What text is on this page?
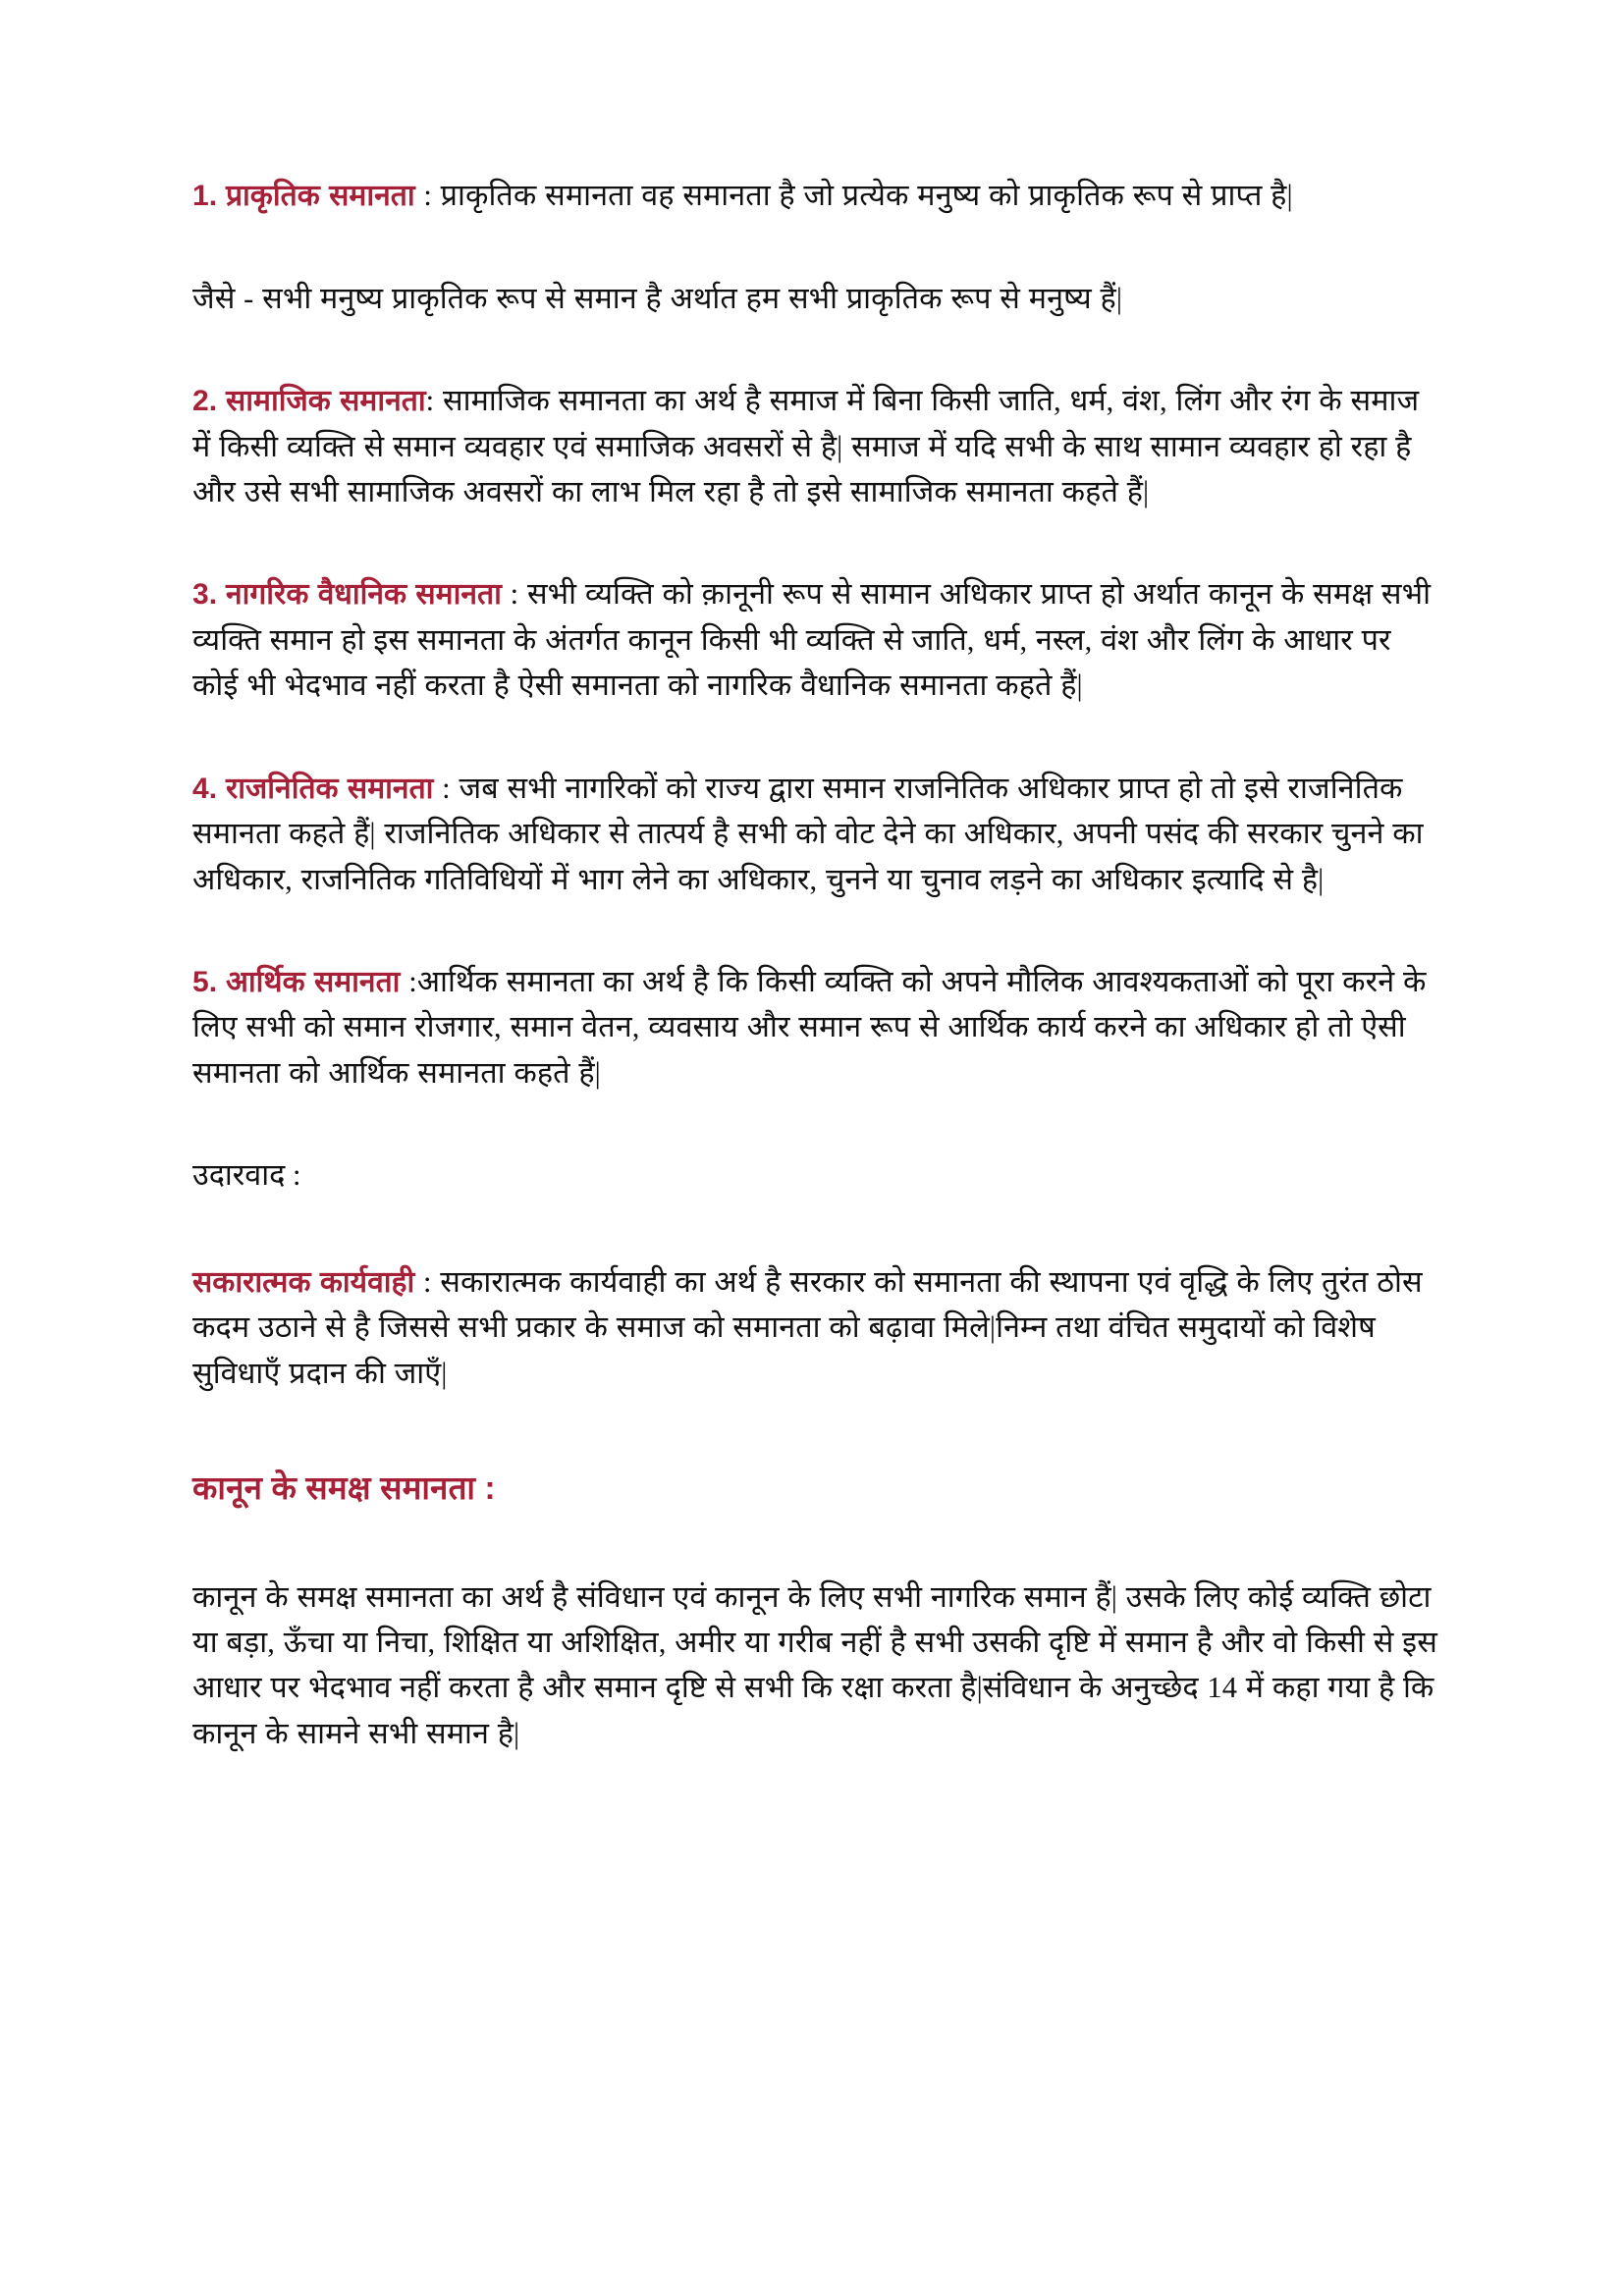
1. प्राकृतिक समानता : प्राकृतिक समानता वह समानता है जो प्रत्येक मनुष्य को प्राकृतिक रूप से प्राप्त है|

जैसे - सभी मनुष्य प्राकृतिक रूप से समान है अर्थात हम सभी प्राकृतिक रूप से मनुष्य हैं|

2. सामाजिक समानता: सामाजिक समानता का अर्थ है समाज में बिना किसी जाति, धर्म, वंश, लिंग और रंग के समाज में किसी व्यक्ति से समान व्यवहार एवं समाजिक अवसरों से है| समाज में यदि सभी के साथ सामान व्यवहार हो रहा है और उसे सभी सामाजिक अवसरों का लाभ मिल रहा है तो इसे सामाजिक समानता कहते हैं|

3. नागरिक वैधानिक समानता : सभी व्यक्ति को क़ानूनी रूप से सामान अधिकार प्राप्त हो अर्थात कानून के समक्ष सभी व्यक्ति समान हो इस समानता के अंतर्गत कानून किसी भी व्यक्ति से जाति, धर्म, नस्ल, वंश और लिंग के आधार पर कोई भी भेदभाव नहीं करता है ऐसी समानता को नागरिक वैधानिक समानता कहते हैं|

4. राजनितिक समानता : जब सभी नागरिकों को राज्य द्वारा समान राजनितिक अधिकार प्राप्त हो तो इसे राजनितिक समानता कहते हैं| राजनितिक अधिकार से तात्पर्य है सभी को वोट देने का अधिकार, अपनी पसंद की सरकार चुनने का अधिकार, राजनितिक गतिविधियों में भाग लेने का अधिकार, चुनने या चुनाव लड़ने का अधिकार इत्यादि से है|

5. आर्थिक समानता :आर्थिक समानता का अर्थ है कि किसी व्यक्ति को अपने मौलिक आवश्यकताओं को पूरा करने के लिए सभी को समान रोजगार, समान वेतन, व्यवसाय और समान रूप से आर्थिक कार्य करने का अधिकार हो तो ऐसी समानता को आर्थिक समानता कहते हैं|

उदारवाद :

सकारात्मक कार्यवाही : सकारात्मक कार्यवाही का अर्थ है सरकार को समानता की स्थापना एवं वृद्धि के लिए तुरंत ठोस कदम उठाने से है जिससे सभी प्रकार के समाज को समानता को बढ़ावा मिले|निम्न तथा वंचित समुदायों को विशेष सुविधाएँ प्रदान की जाएँ|

कानून के समक्ष समानता :

कानून के समक्ष समानता का अर्थ है संविधान एवं कानून के लिए सभी नागरिक समान हैं| उसके लिए कोई व्यक्ति छोटा या बड़ा, ऊँचा या निचा, शिक्षित या अशिक्षित, अमीर या गरीब नहीं है सभी उसकी दृष्टि में समान है और वो किसी से इस आधार पर भेदभाव नहीं करता है और समान दृष्टि से सभी कि रक्षा करता है|संविधान के अनुच्छेद 14 में कहा गया है कि कानून के सामने सभी समान है|
